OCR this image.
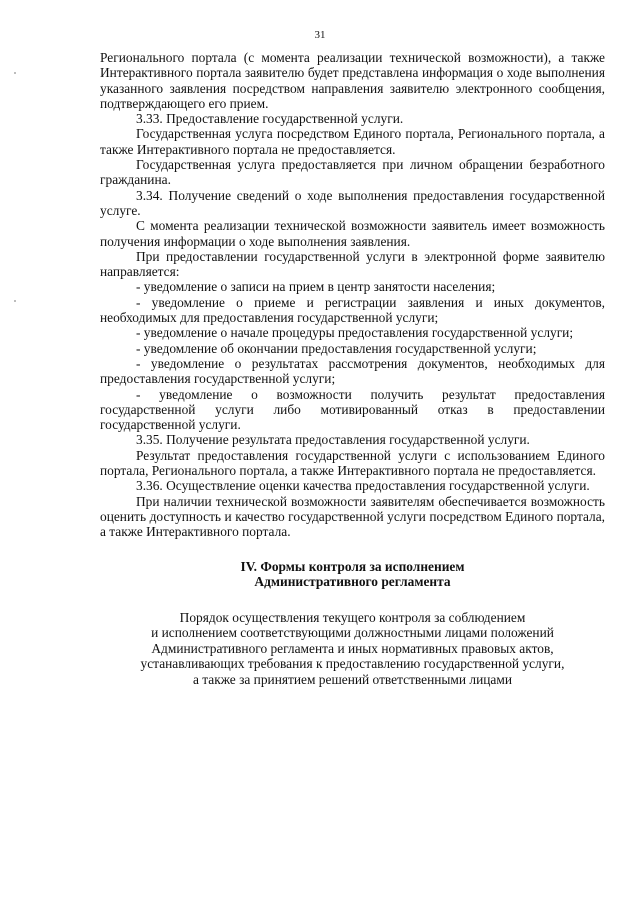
31

Регионального портала (с момента реализации технической возможности), а также Интерактивного портала заявителю будет представлена информация о ходе выполнения указанного заявления посредством направления заявителю электронного сообщения, подтверждающего его прием.

3.33. Предоставление государственной услуги.

Государственная услуга посредством Единого портала, Регионального портала, а также Интерактивного портала не предоставляется.

Государственная услуга предоставляется при личном обращении безработного гражданина.

3.34. Получение сведений о ходе выполнения предоставления государственной услуге.

С момента реализации технической возможности заявитель имеет возможность получения информации о ходе выполнения заявления.

При предоставлении государственной услуги в электронной форме заявителю направляется:

- уведомление о записи на прием в центр занятости населения;

- уведомление о приеме и регистрации заявления и иных документов, необходимых для предоставления государственной услуги;

- уведомление о начале процедуры предоставления государственной услуги;

- уведомление об окончании предоставления государственной услуги;

- уведомление о результатах рассмотрения документов, необходимых для предоставления государственной услуги;

- уведомление о возможности получить результат предоставления государственной услуги либо мотивированный отказ в предоставлении государственной услуги.

3.35. Получение результата предоставления государственной услуги.

Результат предоставления государственной услуги с использованием Единого портала, Регионального портала, а также Интерактивного портала не предоставляется.

3.36. Осуществление оценки качества предоставления государственной услуги.

При наличии технической возможности заявителям обеспечивается возможность оценить доступность и качество государственной услуги посредством Единого портала, а также Интерактивного портала.

IV. Формы контроля за исполнением
Административного регламента
Порядок осуществления текущего контроля за соблюдением
и исполнением соответствующими должностными лицами положений
Административного регламента и иных нормативных правовых актов,
устанавливающих требования к предоставлению государственной услуги,
а также за принятием решений ответственными лицами
